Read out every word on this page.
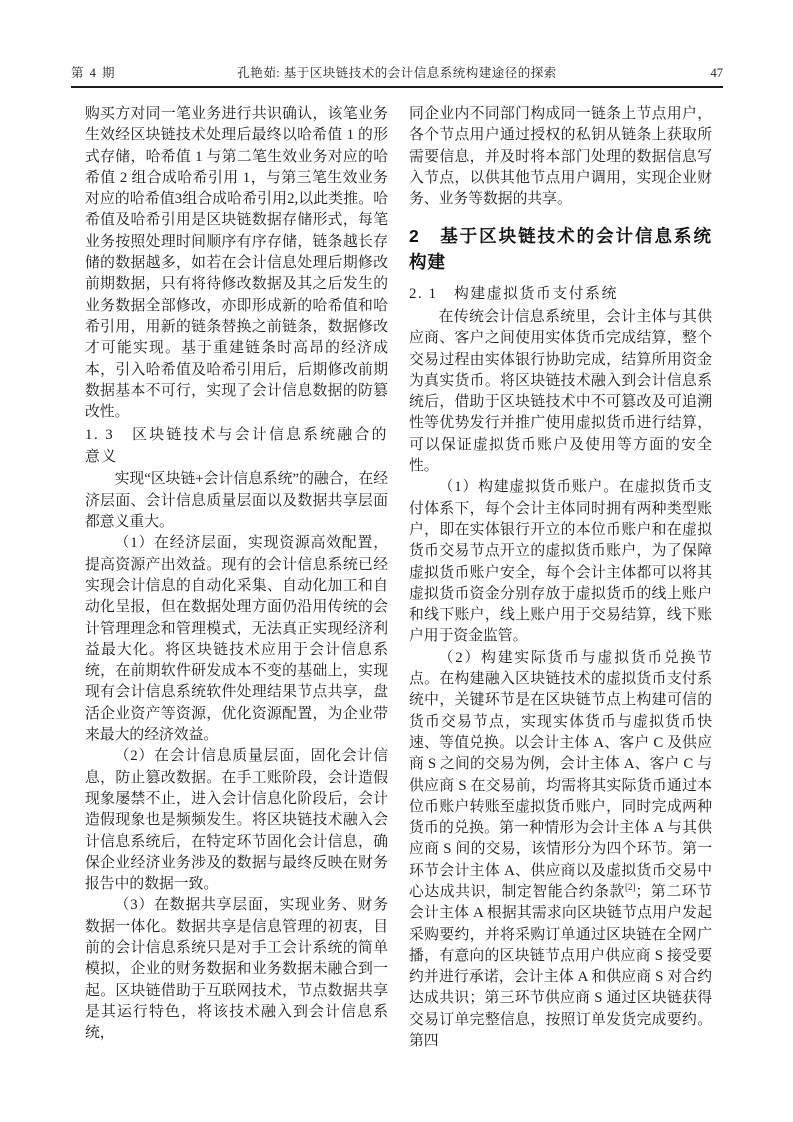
第 4 期	孔艳茹: 基于区块链技术的会计信息系统构建途径的探索	47

购买方对同一笔业务进行共识确认，该笔业务生效经区块链技术处理后最终以哈希值 1 的形式存储，哈希值 1 与第二笔生效业务对应的哈希值 2 组合成哈希引用 1，与第三笔生效业务对应的哈希值3组合成哈希引用2,以此类推。哈希值及哈希引用是区块链数据存储形式，每笔业务按照处理时间顺序有序存储，链条越长存储的数据越多，如若在会计信息处理后期修改前期数据，只有将待修改数据及其之后发生的业务数据全部修改，亦即形成新的哈希值和哈希引用，用新的链条替换之前链条，数据修改才可能实现。基于重建链条时高昂的经济成本，引入哈希值及哈希引用后，后期修改前期数据基本不可行，实现了会计信息数据的防篡改性。

1. 3　区块链技术与会计信息系统融合的意义

实现“区块链+会计信息系统”的融合，在经济层面、会计信息质量层面以及数据共享层面都意义重大。

（1）在经济层面，实现资源高效配置，提高资源产出效益。现有的会计信息系统已经实现会计信息的自动化采集、自动化加工和自动化呈报，但在数据处理方面仍沿用传统的会计管理理念和管理模式，无法真正实现经济利益最大化。将区块链技术应用于会计信息系统，在前期软件研发成本不变的基础上，实现现有会计信息系统软件处理结果节点共享，盘活企业资产等资源，优化资源配置，为企业带来最大的经济效益。

（2）在会计信息质量层面，固化会计信息，防止篡改数据。在手工账阶段，会计造假现象屡禁不止，进入会计信息化阶段后，会计造假现象也是频频发生。将区块链技术融入会计信息系统后，在特定环节固化会计信息，确保企业经济业务涉及的数据与最终反映在财务报告中的数据一致。

（3）在数据共享层面，实现业务、财务数据一体化。数据共享是信息管理的初衷，目前的会计信息系统只是对手工会计系统的简单模拟，企业的财务数据和业务数据未融合到一起。区块链借助于互联网技术，节点数据共享是其运行特色，将该技术融入到会计信息系统，

同企业内不同部门构成同一链条上节点用户，各个节点用户通过授权的私钥从链条上获取所需要信息，并及时将本部门处理的数据信息写入节点，以供其他节点用户调用，实现企业财务、业务等数据的共享。

2　基于区块链技术的会计信息系统构建
2. 1　构建虚拟货币支付系统

在传统会计信息系统里，会计主体与其供应商、客户之间使用实体货币完成结算，整个交易过程由实体银行协助完成，结算所用资金为真实货币。将区块链技术融入到会计信息系统后，借助于区块链技术中不可篡改及可追溯性等优势发行并推广使用虚拟货币进行结算，可以保证虚拟货币账户及使用等方面的安全性。

（1）构建虚拟货币账户。在虚拟货币支付体系下，每个会计主体同时拥有两种类型账户，即在实体银行开立的本位币账户和在虚拟货币交易节点开立的虚拟货币账户，为了保障虚拟货币账户安全，每个会计主体都可以将其虚拟货币资金分别存放于虚拟货币的线上账户和线下账户，线上账户用于交易结算，线下账户用于资金监管。

（2）构建实际货币与虚拟货币兑换节点。在构建融入区块链技术的虚拟货币支付系统中，关键环节是在区块链节点上构建可信的货币交易节点，实现实体货币与虚拟货币快速、等值兑换。以会计主体 A、客户 C 及供应商 S 之间的交易为例，会计主体 A、客户 C 与供应商 S 在交易前，均需将其实际货币通过本位币账户转账至虚拟货币账户，同时完成两种货币的兑换。第一种情形为会计主体 A 与其供应商 S 间的交易，该情形分为四个环节。第一环节会计主体 A、供应商以及虚拟货币交易中心达成共识，制定智能合约条款[2]；第二环节会计主体 A 根据其需求向区块链节点用户发起采购要约，并将采购订单通过区块链在全网广播，有意向的区块链节点用户供应商 S 接受要约并进行承诺，会计主体 A 和供应商 S 对合约达成共识；第三环节供应商 S 通过区块链获得交易订单完整信息，按照订单发货完成要约。第四
